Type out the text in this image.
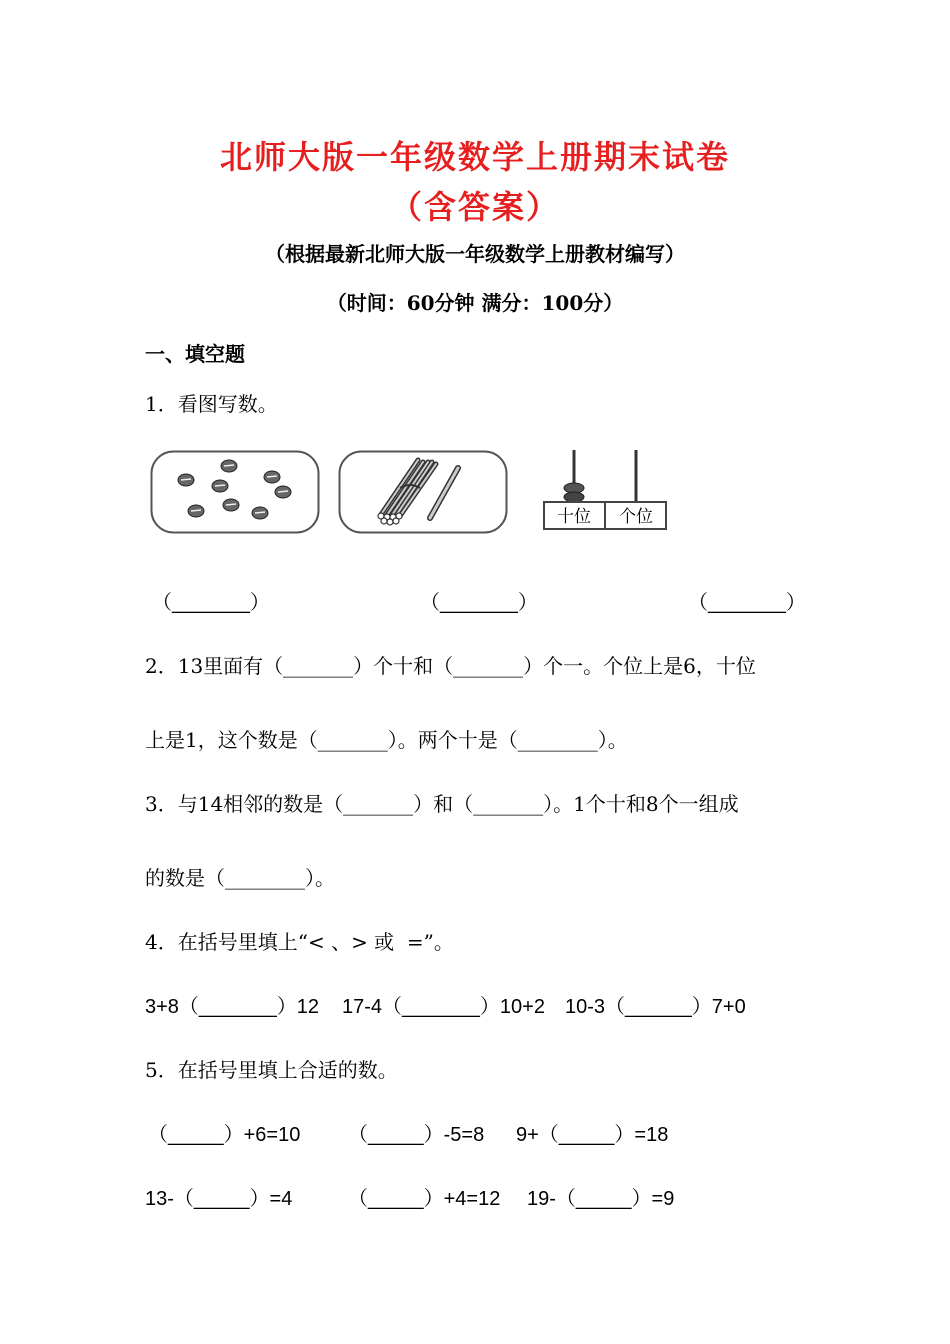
北师大版一年级数学上册期末试卷
（含答案）
（根据最新北师大版一年级数学上册教材编写）
（时间：60分钟 满分：100分）
一、填空题
1．看图写数。
十位 个位
（_______）	（_______）	（_______）
2．13里面有（_______）个十和（_______）个一。个位上是6，十位
上是1，这个数是（_______）。两个十是（________）。
3．与14相邻的数是（_______）和（_______）。1个十和8个一组成
的数是（________）。
4．在括号里填上“< 、> 或  =”。
3+8（_______）12 17-4（_______）10+2 10-3（______）7+0
5．在括号里填上合适的数。
（_____）+6=10 （_____）-5=8 9+（_____）=18
13-（_____）=4	（_____）+4=12 19-（_____）=9
